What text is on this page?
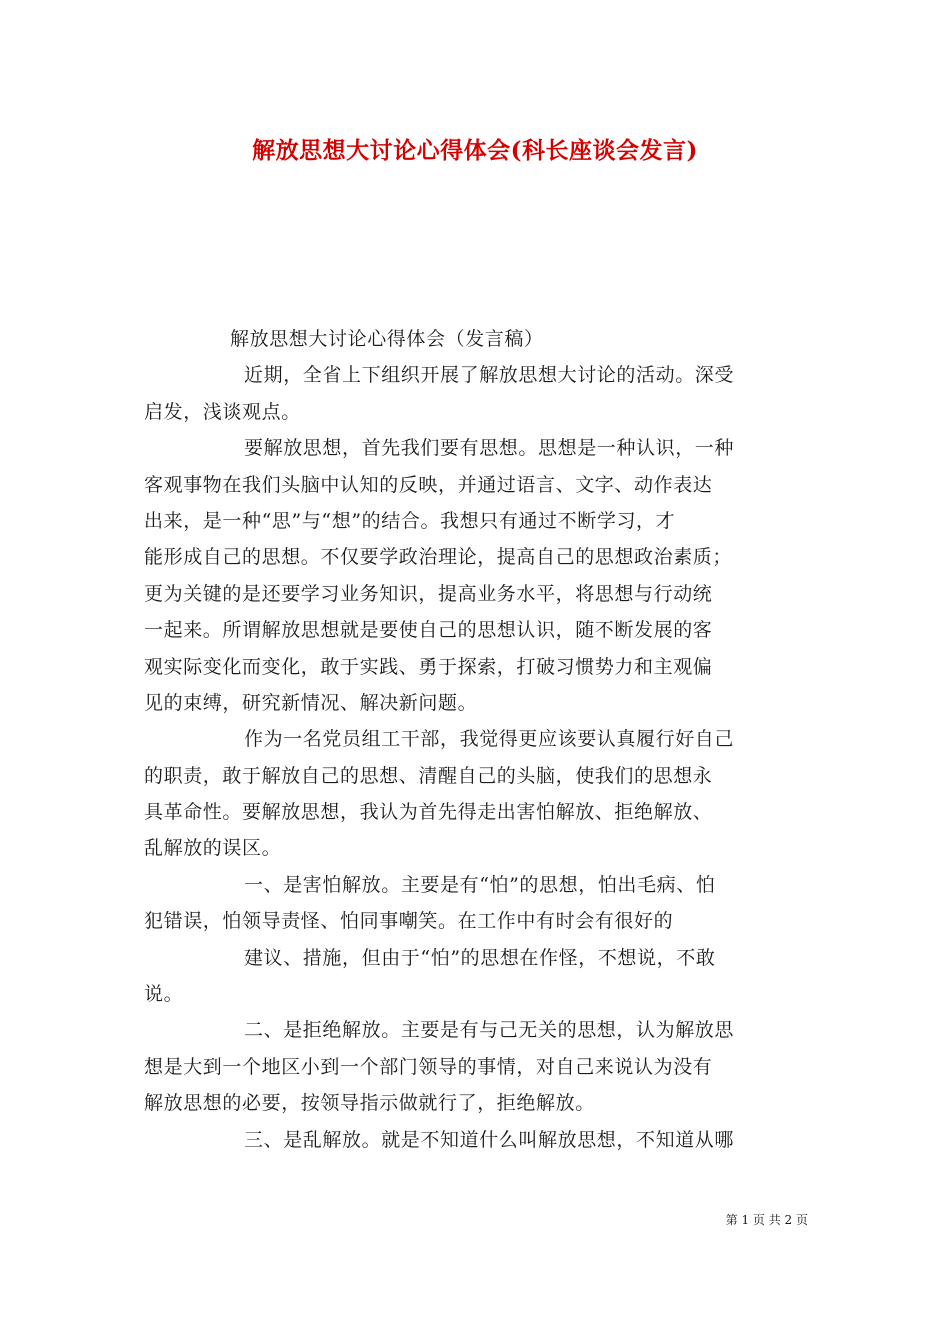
解放思想大讨论心得体会(科长座谈会发言)
解放思想大讨论心得体会（发言稿）
近期，全省上下组织开展了解放思想大讨论的活动。深受
启发，浅谈观点。
要解放思想，首先我们要有思想。思想是一种认识，一种
客观事物在我们头脑中认知的反映，并通过语言、文字、动作表达
出来，是一种“思”与“想”的结合。我想只有通过不断学习，才
能形成自己的思想。不仅要学政治理论，提高自己的思想政治素质；
更为关键的是还要学习业务知识，提高业务水平，将思想与行动统
一起来。所谓解放思想就是要使自己的思想认识，随不断发展的客
观实际变化而变化，敢于实践、勇于探索，打破习惯势力和主观偏
见的束缚，研究新情况、解决新问题。
作为一名党员组工干部，我觉得更应该要认真履行好自己
的职责，敢于解放自己的思想、清醒自己的头脑，使我们的思想永
具革命性。要解放思想，我认为首先得走出害怕解放、拒绝解放、
乱解放的误区。
一、是害怕解放。主要是有“怕”的思想，怕出毛病、怕
犯错误，怕领导责怪、怕同事嘲笑。在工作中有时会有很好的
建议、措施，但由于“怕”的思想在作怪，不想说，不敢
说。
二、是拒绝解放。主要是有与己无关的思想，认为解放思
想是大到一个地区小到一个部门领导的事情，对自己来说认为没有
解放思想的必要，按领导指示做就行了，拒绝解放。
三、是乱解放。就是不知道什么叫解放思想，不知道从哪
第 1 页 共 2 页
